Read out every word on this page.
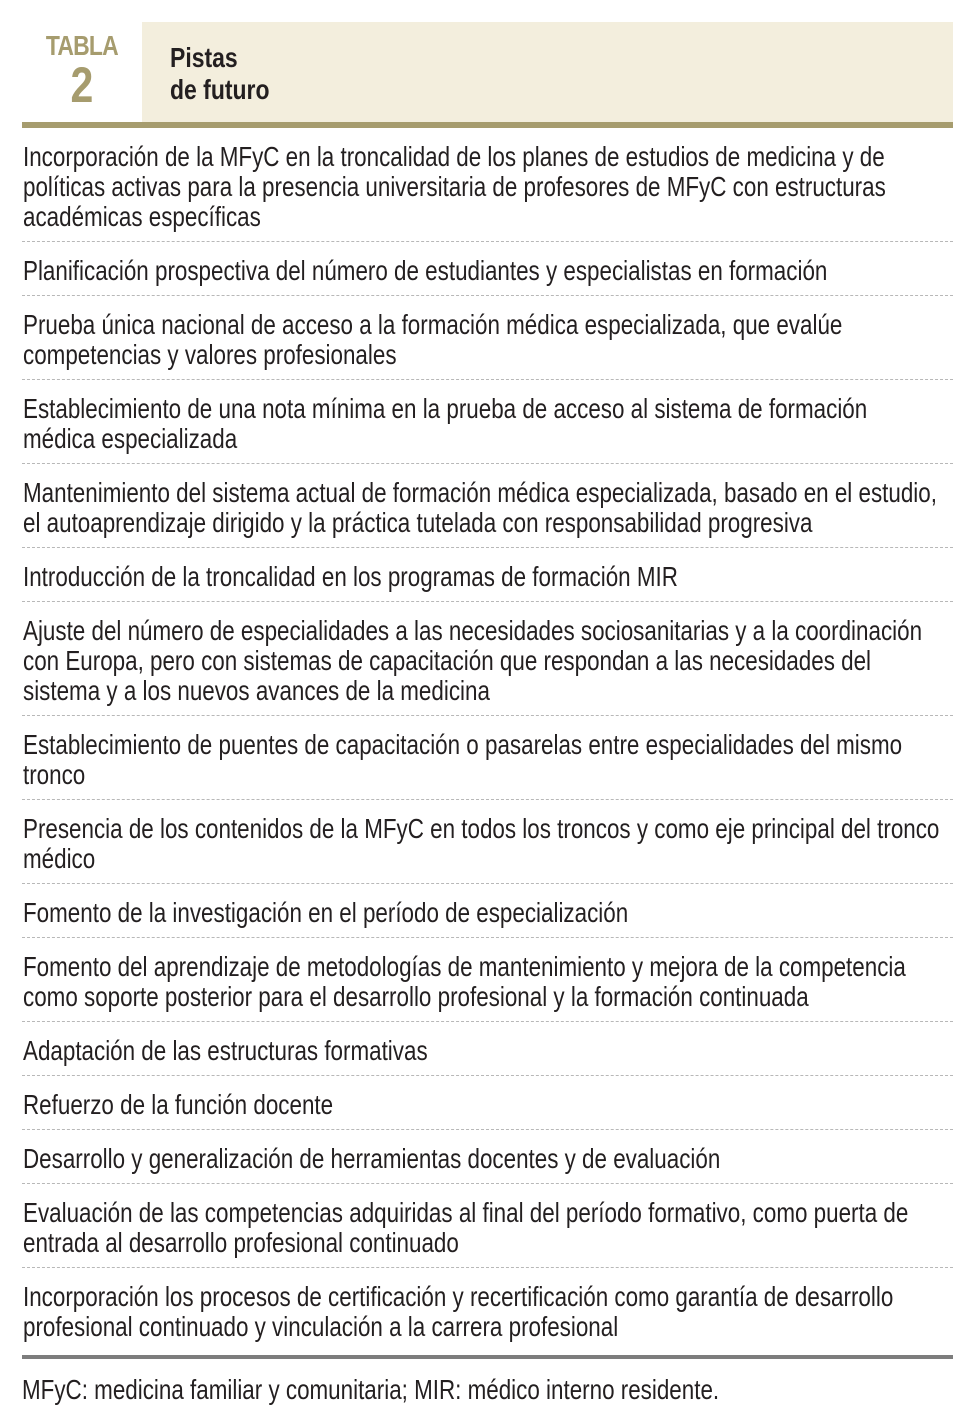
TABLA
2	Pistas
de futuro
Incorporación de la MFyC en la troncalidad de los planes de estudios de medicina y de políticas activas para la presencia universitaria de profesores de MFyC con estructuras académicas específicas
Planificación prospectiva del número de estudiantes y especialistas en formación
Prueba única nacional de acceso a la formación médica especializada, que evalúe competencias y valores profesionales
Establecimiento de una nota mínima en la prueba de acceso al sistema de formación médica especializada
Mantenimiento del sistema actual de formación médica especializada, basado en el estudio, el autoaprendizaje dirigido y la práctica tutelada con responsabilidad progresiva
Introducción de la troncalidad en los programas de formación MIR
Ajuste del número de especialidades a las necesidades sociosanitarias y a la coordinación con Europa, pero con sistemas de capacitación que respondan a las necesidades del sistema y a los nuevos avances de la medicina
Establecimiento de puentes de capacitación o pasarelas entre especialidades del mismo tronco
Presencia de los contenidos de la MFyC en todos los troncos y como eje principal del tronco médico
Fomento de la investigación en el período de especialización
Fomento del aprendizaje de metodologías de mantenimiento y mejora de la competencia como soporte posterior para el desarrollo profesional y la formación continuada
Adaptación de las estructuras formativas
Refuerzo de la función docente
Desarrollo y generalización de herramientas docentes y de evaluación
Evaluación de las competencias adquiridas al final del período formativo, como puerta de entrada al desarrollo profesional continuado
Incorporación los procesos de certificación y recertificación como garantía de desarrollo profesional continuado y vinculación a la carrera profesional
MFyC: medicina familiar y comunitaria; MIR: médico interno residente.
